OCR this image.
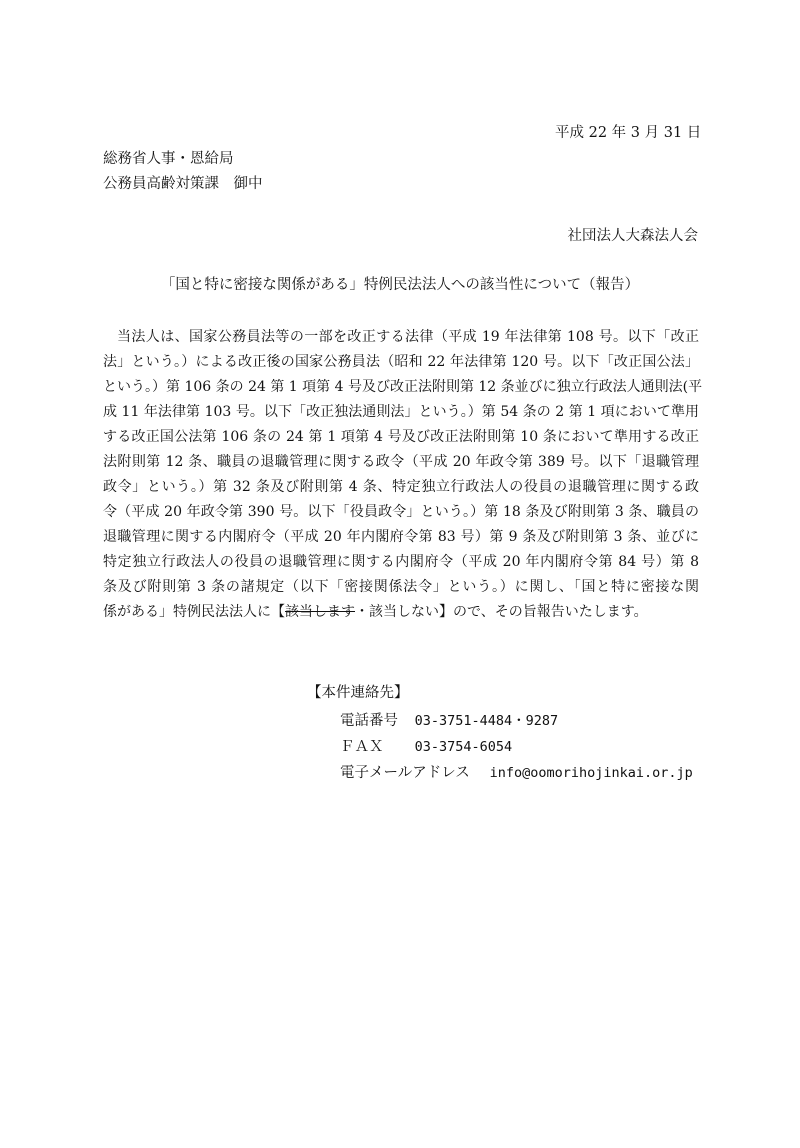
平成 22 年 3 月 31 日
総務省人事・恩給局
公務員高齢対策課　御中
社団法人大森法人会
「国と特に密接な関係がある」特例民法法人への該当性について（報告）
当法人は、国家公務員法等の一部を改正する法律（平成 19 年法律第 108 号。以下「改正
法」という。）による改正後の国家公務員法（昭和 22 年法律第 120 号。以下「改正国公法」
という。）第 106 条の 24 第 1 項第 4 号及び改正法附則第 12 条並びに独立行政法人通則法(平
成 11 年法律第 103 号。以下「改正独法通則法」という。）第 54 条の 2 第 1 項において準用
する改正国公法第 106 条の 24 第 1 項第 4 号及び改正法附則第 10 条において準用する改正
法附則第 12 条、職員の退職管理に関する政令（平成 20 年政令第 389 号。以下「退職管理
政令」という。）第 32 条及び附則第 4 条、特定独立行政法人の役員の退職管理に関する政
令（平成 20 年政令第 390 号。以下「役員政令」という。）第 18 条及び附則第 3 条、職員の
退職管理に関する内閣府令（平成 20 年内閣府令第 83 号）第 9 条及び附則第 3 条、並びに
特定独立行政法人の役員の退職管理に関する内閣府令（平成 20 年内閣府令第 84 号）第 8
条及び附則第 3 条の諸規定（以下「密接関係法令」という。）に関し、「国と特に密接な関
係がある」特例民法法人に【該当します・該当しない】ので、その旨報告いたします。
【本件連絡先】
電話番号 03-3751-4484・9287
ＦＡＸ 03-3754-6054
電子メールアドレス info@oomorihojinkai.or.jp
